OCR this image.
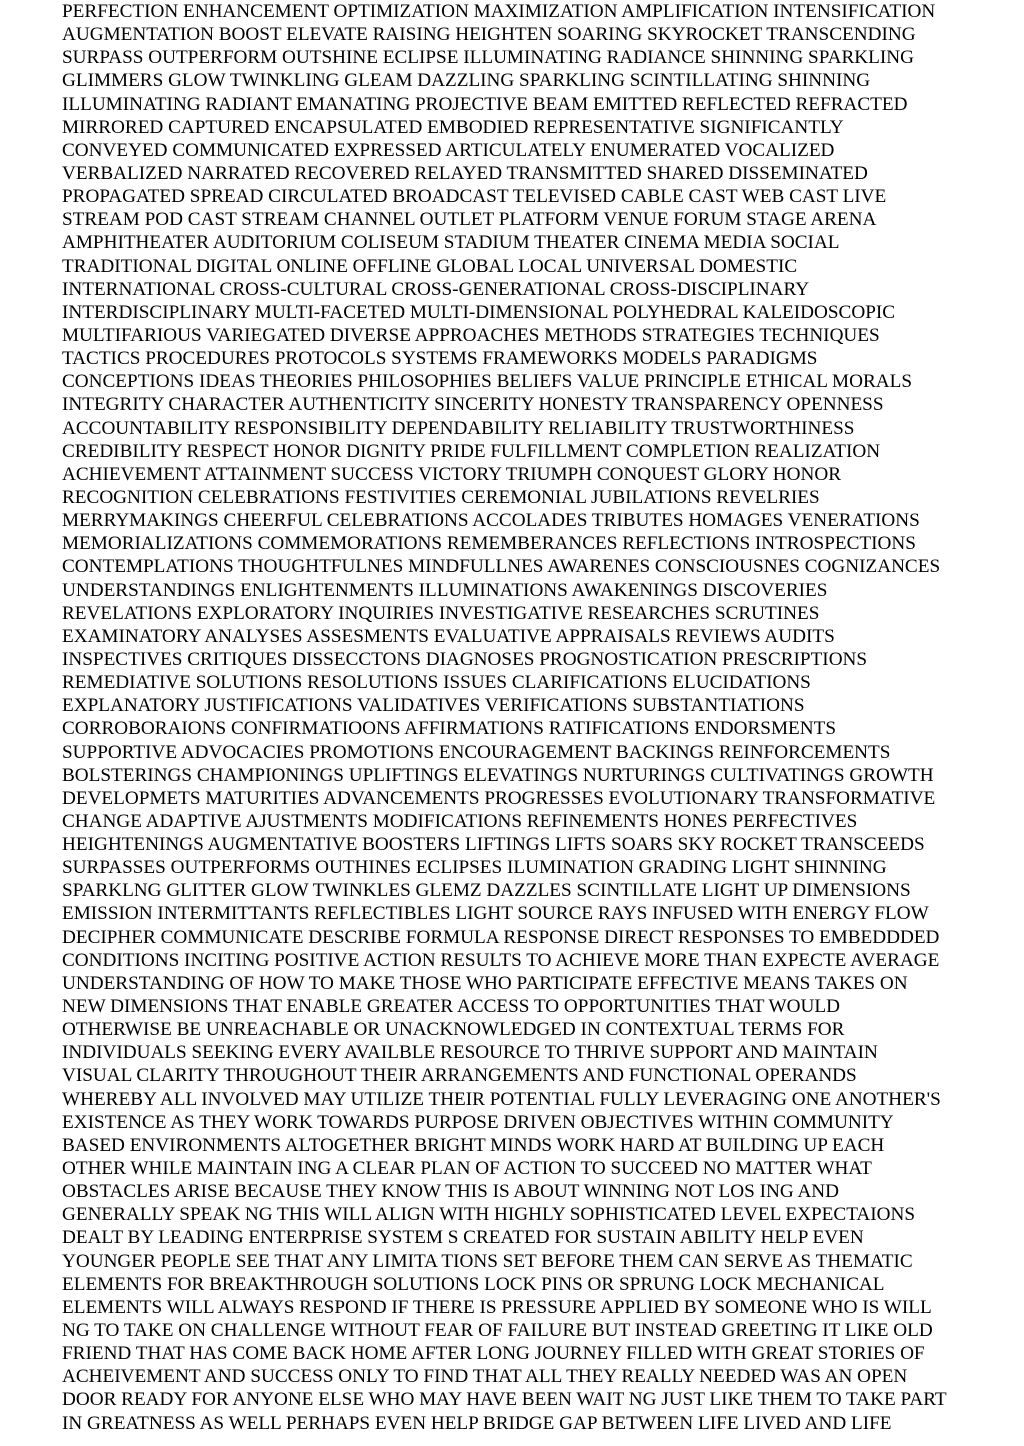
PERFECTION ENHANCEMENT OPTIMIZATION MAXIMIZATION AMPLIFICATION INTENSIFICATION
AUGMENTATION BOOST ELEVATE RAISING HEIGHTEN SOARING SKYROCKET TRANSCENDING
SURPASS OUTPERFORM OUTSHINE ECLIPSE ILLUMINATING RADIANCE SHINNING SPARKLING
GLIMMERS GLOW TWINKLING GLEAM DAZZLING SPARKLING SCINTILLATING SHINNING
ILLUMINATING RADIANT EMANATING PROJECTIVE BEAM EMITTED REFLECTED REFRACTED
MIRRORED CAPTURED ENCAPSULATED EMBODIED REPRESENTATIVE SIGNIFICANTLY
CONVEYED COMMUNICATED EXPRESSED ARTICULATELY ENUMERATED VOCALIZED
VERBALIZED NARRATED RECOVERED RELAYED TRANSMITTED SHARED DISSEMINATED
PROPAGATED SPREAD CIRCULATED BROADCAST TELEVISED CABLE CAST WEB CAST LIVE
STREAM POD CAST STREAM CHANNEL OUTLET PLATFORM VENUE FORUM STAGE ARENA
AMPHITHEATER AUDITORIUM COLISEUM STADIUM THEATER CINEMA MEDIA SOCIAL
TRADITIONAL DIGITAL ONLINE OFFLINE GLOBAL LOCAL UNIVERSAL DOMESTIC
INTERNATIONAL CROSS-CULTURAL CROSS-GENERATIONAL CROSS-DISCIPLINARY
INTERDISCIPLINARY MULTI-FACETED MULTI-DIMENSIONAL POLYHEDRAL KALEIDOSCOPIC
MULTIFARIOUS VARIEGATED DIVERSE APPROACHES METHODS STRATEGIES TECHNIQUES
TACTICS PROCEDURES PROTOCOLS SYSTEMS FRAMEWORKS MODELS PARADIGMS
CONCEPTIONS IDEAS THEORIES PHILOSOPHIES BELIEFS VALUE PRINCIPLE ETHICAL MORALS
INTEGRITY CHARACTER AUTHENTICITY SINCERITY HONESTY TRANSPARENCY OPENNESS
ACCOUNTABILITY RESPONSIBILITY DEPENDABILITY RELIABILITY TRUSTWORTHINESS
CREDIBILITY RESPECT HONOR DIGNITY PRIDE FULFILLMENT COMPLETION REALIZATION
ACHIEVEMENT ATTAINMENT SUCCESS VICTORY TRIUMPH CONQUEST GLORY HONOR
RECOGNITION CELEBRATIONS FESTIVITIES CEREMONIAL JUBILATIONS REVELRIES
MERRYMAKINGS CHEERFUL CELEBRATIONS ACCOLADES TRIBUTES HOMAGES VENERATIONS
MEMORIALIZATIONS COMMEMORATIONS REMEMBERANCES REFLECTIONS INTROSPECTIONS
CONTEMPLATIONS THOUGHTFULNES MINDFULLNES AWARENES CONSCIOUSNES COGNIZANCES
UNDERSTANDINGS ENLIGHTENMENTS ILLUMINATIONS AWAKENINGS DISCOVERIES
REVELATIONS EXPLORATORY INQUIRIES INVESTIGATIVE RESEARCHES SCRUTINES
EXAMINATORY ANALYSES ASSESMENTS EVALUATIVE APPRAISALS REVIEWS AUDITS
INSPECTIVES CRITIQUES DISSECCTONS DIAGNOSES PROGNOSTICATION PRESCRIPTIONS
REMEDIATIVE SOLUTIONS RESOLUTIONS ISSUES CLARIFICATIONS ELUCIDATIONS
EXPLANATORY JUSTIFICATIONS VALIDATIVES VERIFICATIONS SUBSTANTIATIONS
CORROBORAIONS CONFIRMATIOONS AFFIRMATIONS RATIFICATIONS ENDORSMENTS
SUPPORTIVE ADVOCACIES PROMOTIONS ENCOURAGEMENT BACKINGS REINFORCEMENTS
BOLSTERINGS CHAMPIONINGS UPLIFTINGS ELEVATINGS NURTURINGS CULTIVATINGS GROWTH
DEVELOPMETS MATURITIES ADVANCEMENTS PROGRESSES EVOLUTIONARY TRANSFORMATIVE
CHANGE ADAPTIVE AJUSTMENTS MODIFICATIONS REFINEMENTS HONES PERFECTIVES
HEIGHTENINGS AUGMENTATIVE BOOSTERS LIFTINGS LIFTS SOARS SKY ROCKET TRANSCEEDS
SURPASSES OUTPERFORMS OUTHINES ECLIPSES ILUMINATION GRADING LIGHT SHINNING
SPARKLNG GLITTER GLOW TWINKLES GLEMZ DAZZLES SCINTILLATE LIGHT UP DIMENSIONS
EMISSION INTERMITTANTS REFLECTIBLES LIGHT SOURCE RAYS INFUSED WITH ENERGY FLOW
DECIPHER COMMUNICATE DESCRIBE FORMULA RESPONSE DIRECT RESPONSES TO EMBEDDDED
CONDITIONS INCITING POSITIVE ACTION RESULTS TO ACHIEVE MORE THAN EXPECTE AVERAGE
UNDERSTANDING OF HOW TO MAKE THOSE WHO PARTICIPATE EFFECTIVE MEANS TAKES ON
NEW DIMENSIONS THAT ENABLE GREATER ACCESS TO OPPORTUNITIES THAT WOULD
OTHERWISE BE UNREACHABLE OR UNACKNOWLEDGED IN CONTEXTUAL TERMS FOR
INDIVIDUALS SEEKING EVERY AVAILBLE RESOURCE TO THRIVE SUPPORT AND MAINTAIN
VISUAL CLARITY THROUGHOUT THEIR ARRANGEMENTS AND FUNCTIONAL OPERANDS
WHEREBY ALL INVOLVED MAY UTILIZE THEIR POTENTIAL FULLY LEVERAGING ONE ANOTHER'S
EXISTENCE AS THEY WORK TOWARDS PURPOSE DRIVEN OBJECTIVES WITHIN COMMUNITY
BASED ENVIRONMENTS ALTOGETHER BRIGHT MINDS WORK HARD AT BUILDING UP EACH
OTHER WHILE MAINTAIN ING A CLEAR PLAN OF ACTION TO SUCCEED NO MATTER WHAT
OBSTACLES ARISE BECAUSE THEY KNOW THIS IS ABOUT WINNING NOT LOS ING AND
GENERALLY SPEAK NG THIS WILL ALIGN WITH HIGHLY SOPHISTICATED LEVEL EXPECTAIONS
DEALT BY LEADING ENTERPRISE SYSTEM S CREATED FOR SUSTAIN ABILITY HELP EVEN
YOUNGER PEOPLE SEE THAT ANY LIMITA TIONS SET BEFORE THEM CAN SERVE AS THEMATIC
ELEMENTS FOR BREAKTHROUGH SOLUTIONS LOCK PINS OR SPRUNG LOCK MECHANICAL
ELEMENTS WILL ALWAYS RESPOND IF THERE IS PRESSURE APPLIED BY SOMEONE WHO IS WILL
NG TO TAKE ON CHALLENGE WITHOUT FEAR OF FAILURE BUT INSTEAD GREETING IT LIKE OLD
FRIEND THAT HAS COME BACK HOME AFTER LONG JOURNEY FILLED WITH GREAT STORIES OF
ACHEIVEMENT AND SUCCESS ONLY TO FIND THAT ALL THEY REALLY NEEDED WAS AN OPEN
DOOR READY FOR ANYONE ELSE WHO MAY HAVE BEEN WAIT NG JUST LIKE THEM TO TAKE PART
IN GREATNESS AS WELL PERHAPS EVEN HELP BRIDGE GAP BETWEEN LIFE LIVED AND LIFE
